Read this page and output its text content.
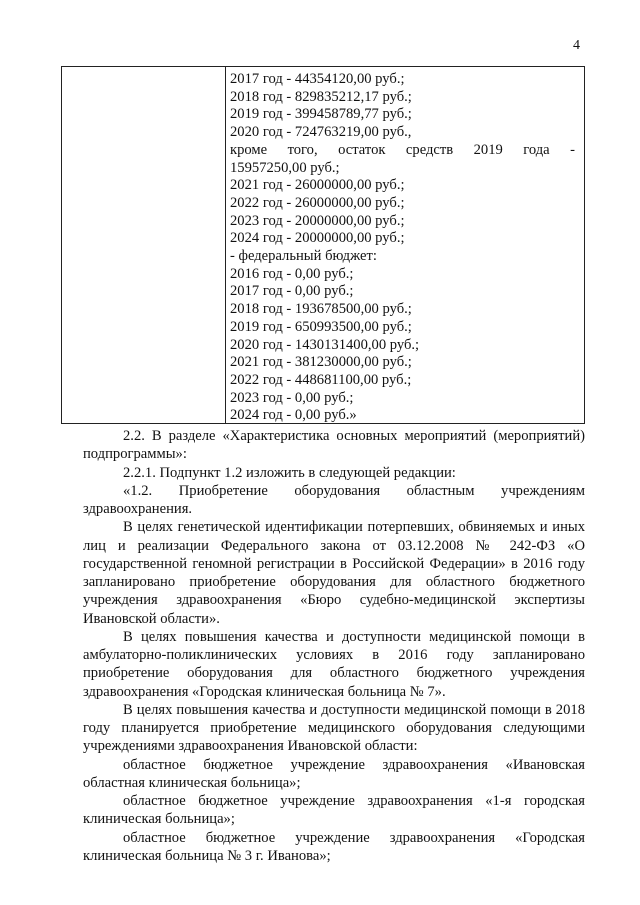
4
2017 год - 44354120,00 руб.;
2018 год - 829835212,17 руб.;
2019 год - 399458789,77 руб.;
2020 год - 724763219,00 руб.,
кроме того, остаток средств 2019 года -
15957250,00 руб.;
2021 год - 26000000,00 руб.;
2022 год - 26000000,00 руб.;
2023 год - 20000000,00 руб.;
2024 год - 20000000,00 руб.;
- федеральный бюджет:
2016 год - 0,00 руб.;
2017 год - 0,00 руб.;
2018 год - 193678500,00 руб.;
2019 год - 650993500,00 руб.;
2020 год - 1430131400,00 руб.;
2021 год - 381230000,00 руб.;
2022 год - 448681100,00 руб.;
2023 год - 0,00 руб.;
2024 год - 0,00 руб.»

2.2. В разделе «Характеристика основных мероприятий (мероприятий) подпрограммы»:

2.2.1. Подпункт 1.2 изложить в следующей редакции:

«1.2. Приобретение оборудования областным учреждениям здравоохранения.

В целях генетической идентификации потерпевших, обвиняемых и иных лиц и реализации Федерального закона от 03.12.2008 № 242-ФЗ «О государственной геномной регистрации в Российской Федерации» в 2016 году запланировано приобретение оборудования для областного бюджетного учреждения здравоохранения «Бюро судебно-медицинской экспертизы Ивановской области».

В целях повышения качества и доступности медицинской помощи в амбулаторно-поликлинических условиях в 2016 году запланировано приобретение оборудования для областного бюджетного учреждения здравоохранения «Городская клиническая больница № 7».

В целях повышения качества и доступности медицинской помощи в 2018 году планируется приобретение медицинского оборудования следующими учреждениями здравоохранения Ивановской области:

областное бюджетное учреждение здравоохранения «Ивановская областная клиническая больница»;

областное бюджетное учреждение здравоохранения «1-я городская клиническая больница»;

областное бюджетное учреждение здравоохранения «Городская клиническая больница № 3 г. Иванова»;
